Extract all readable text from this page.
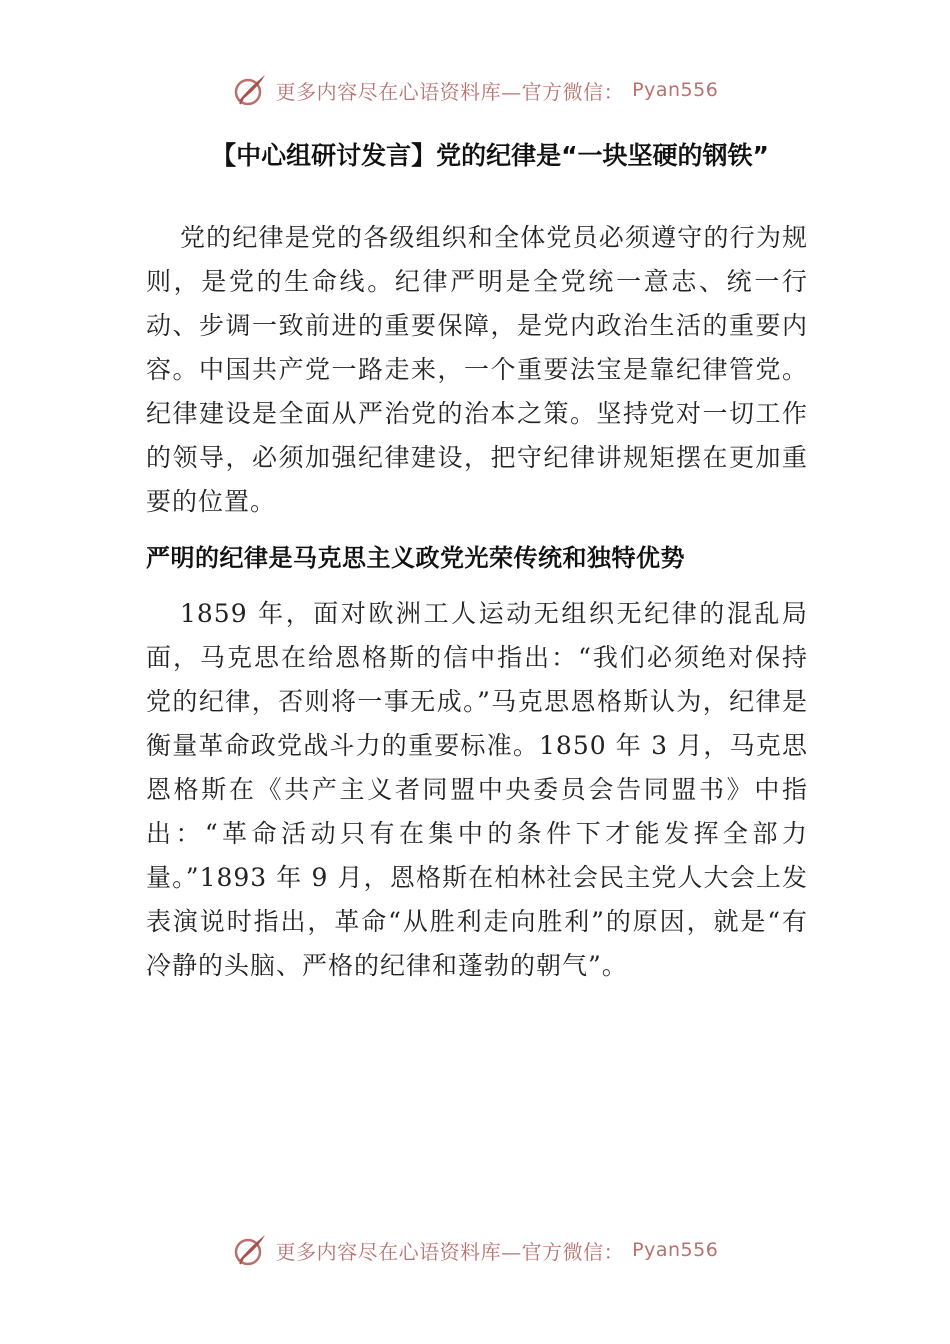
更多内容尽在心语资料库—官方微信： Pyan556
【中心组研讨发言】党的纪律是“一块坚硬的钢铁”

党的纪律是党的各级组织和全体党员必须遵守的行为规则，是党的生命线。纪律严明是全党统一意志、统一行动、步调一致前进的重要保障，是党内政治生活的重要内容。中国共产党一路走来，一个重要法宝是靠纪律管党。纪律建设是全面从严治党的治本之策。坚持党对一切工作的领导，必须加强纪律建设，把守纪律讲规矩摆在更加重要的位置。

严明的纪律是马克思主义政党光荣传统和独特优势

1859 年，面对欧洲工人运动无组织无纪律的混乱局面，马克思在给恩格斯的信中指出：“我们必须绝对保持党的纪律，否则将一事无成。”马克思恩格斯认为，纪律是衡量革命政党战斗力的重要标准。1850 年 3 月，马克思恩格斯在《共产主义者同盟中央委员会告同盟书》中指出：“革命活动只有在集中的条件下才能发挥全部力量。”1893 年 9 月，恩格斯在柏林社会民主党人大会上发表演说时指出，革命“从胜利走向胜利”的原因，就是“有冷静的头脑、严格的纪律和蓬勃的朝气”。

更多内容尽在心语资料库—官方微信： Pyan556
